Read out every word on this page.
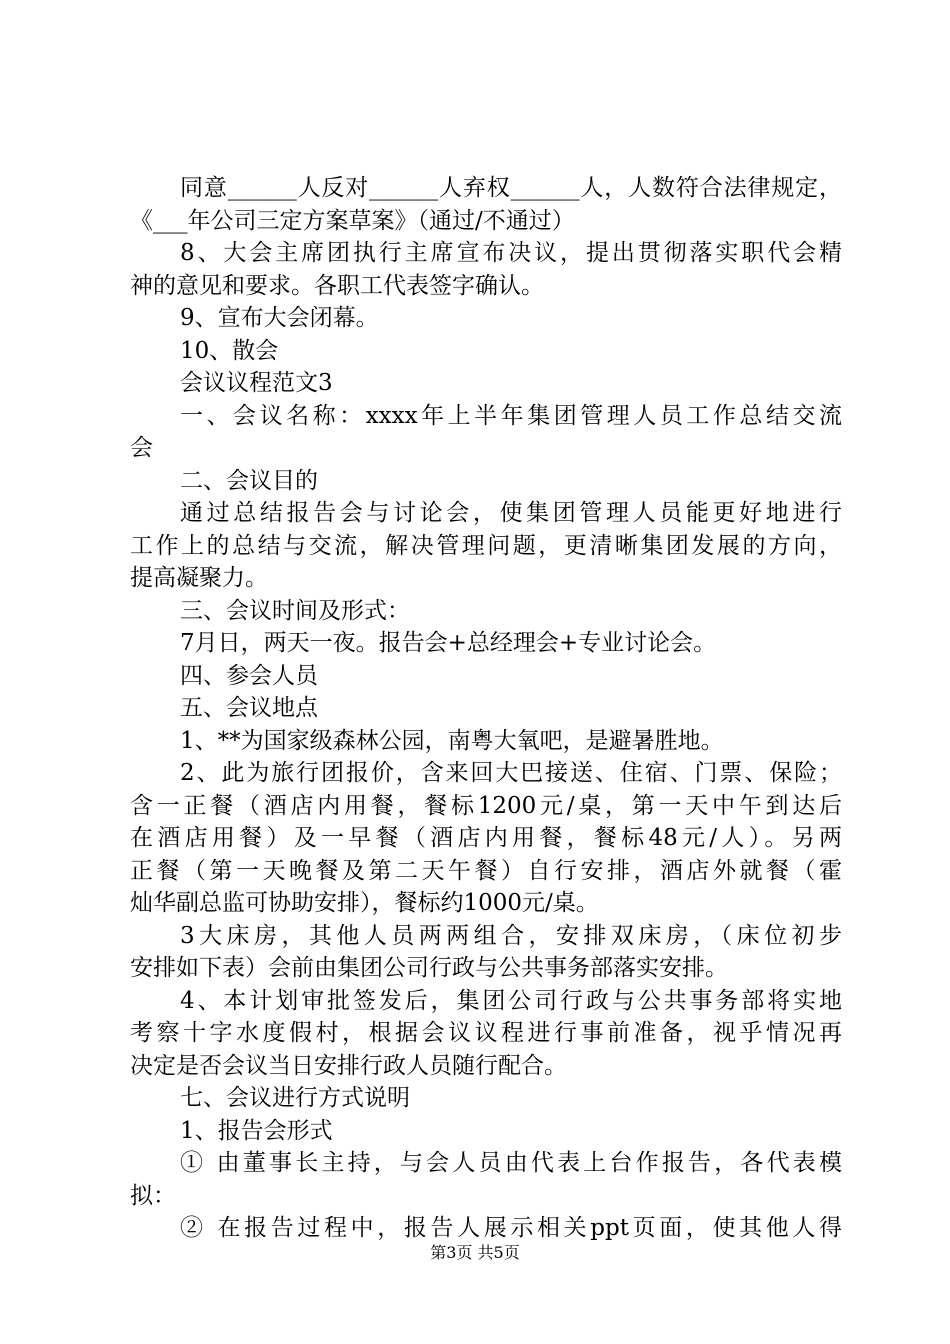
同意______人反对______人弃权______人，人数符合法律规定，
《___年公司三定方案草案》（通过/不通过）
8、大会主席团执行主席宣布决议，提出贯彻落实职代会精
神的意见和要求。各职工代表签字确认。
9、宣布大会闭幕。
10、散会
会议议程范文3
一、会议名称：xxxx年上半年集团管理人员工作总结交流
会
二、会议目的
通过总结报告会与讨论会，使集团管理人员能更好地进行
工作上的总结与交流，解决管理问题，更清晰集团发展的方向，
提高凝聚力。
三、会议时间及形式：
7月日，两天一夜。报告会+总经理会+专业讨论会。
四、参会人员
五、会议地点
1、**为国家级森林公园，南粤大氧吧，是避暑胜地。
2、此为旅行团报价，含来回大巴接送、住宿、门票、保险；
含一正餐（酒店内用餐，餐标1200元/桌，第一天中午到达后
在酒店用餐）及一早餐（酒店内用餐，餐标48元/人）。另两
正餐（第一天晚餐及第二天午餐）自行安排，酒店外就餐（霍
灿华副总监可协助安排），餐标约1000元/桌。
3大床房，其他人员两两组合，安排双床房，（床位初步
安排如下表）会前由集团公司行政与公共事务部落实安排。
4、本计划审批签发后，集团公司行政与公共事务部将实地
考察十字水度假村，根据会议议程进行事前准备，视乎情况再
决定是否会议当日安排行政人员随行配合。
七、会议进行方式说明
1、报告会形式
① 由董事长主持，与会人员由代表上台作报告，各代表模
拟：
② 在报告过程中，报告人展示相关ppt页面，使其他人得
第3页 共5页
